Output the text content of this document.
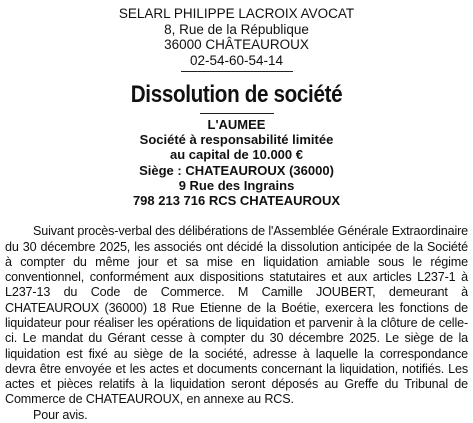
SELARL PHILIPPE LACROIX AVOCAT
8, Rue de la République
36000 CHÂTEAUROUX
02-54-60-54-14
Dissolution de société
L'AUMEE
Société à responsabilité limitée
au capital de 10.000 €
Siège : CHATEAUROUX (36000)
9 Rue des Ingrains
798 213 716 RCS CHATEAUROUX

Suivant procès-verbal des délibérations de l'Assemblée Générale Extraordinaire du 30 décembre 2025, les associés ont décidé la dissolution anticipée de la Société à compter du même jour et sa mise en liquidation amiable sous le régime conventionnel, conformément aux dispositions statutaires et aux articles L237-1 à L237-13 du Code de Commerce. M Camille JOUBERT, demeurant à CHATEAUROUX (36000) 18 Rue Etienne de la Boétie, exercera les fonctions de liquidateur pour réaliser les opérations de liquidation et parvenir à la clôture de celle-ci. Le mandat du Gérant cesse à compter du 30 décembre 2025. Le siège de la liquidation est fixé au siège de la société, adresse à laquelle la correspondance devra être envoyée et les actes et documents concernant la liquidation, notifiés. Les actes et pièces relatifs à la liquidation seront déposés au Greffe du Tribunal de Commerce de CHATEAUROUX, en annexe au RCS.

Pour avis.
